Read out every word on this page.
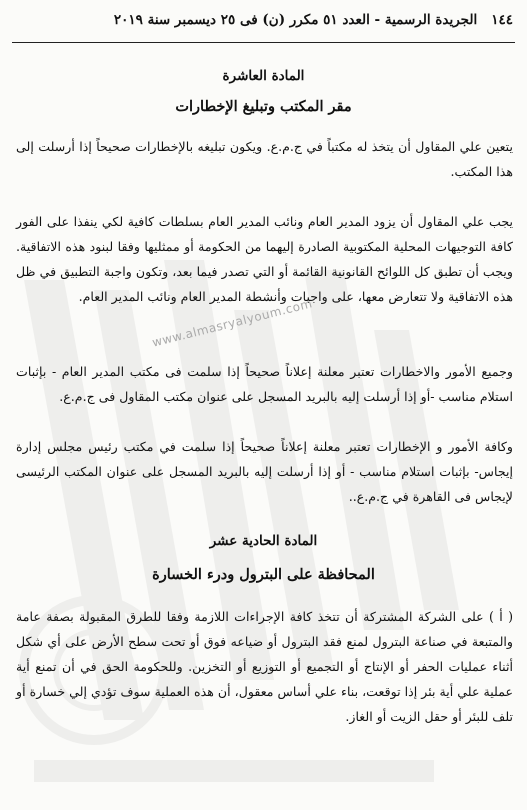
١٤٤
الجريدة الرسمية - العدد ٥١ مكرر (ن) فى ٢٥ ديسمبر سنة ٢٠١٩
www.almasryalyoum.com
المادة العاشرة
مقر المكتب وتبليغ الإخطارات

يتعين علي المقاول أن يتخذ له مكتباً في ج.م.ع. ويكون تبليغه بالإخطارات صحيحاً إذا أرسلت إلى هذا المكتب.

يجب علي المقاول أن يزود المدير العام ونائب المدير العام بسلطات كافية لكي ينفذا على الفور كافة التوجيهات المحلية المكتوبية الصادرة إليهما من الحكومة أو ممثليها وفقا لبنود هذه الاتفاقية. ويجب أن تطبق كل اللوائح القانونية القائمة أو التي تصدر فيما بعد، وتكون واجبة التطبيق في ظل هذه الاتفاقية ولا تتعارض معها، على واجبات وأنشطة المدير العام ونائب المدير العام.

وجميع الأمور والاخطارات تعتبر معلنة إعلاناً صحيحاً إذا سلمت فى مكتب المدير العام - بإثبات استلام مناسب -أو إذا أرسلت إليه بالبريد المسجل على عنوان مكتب المقاول فى ج.م.ع.

وكافة الأمور و الإخطارات تعتبر معلنة إعلاناً صحيحاً إذا سلمت في مكتب رئيس مجلس إدارة إيجاس- بإثبات استلام مناسب - أو إذا أرسلت إليه بالبريد المسجل على عنوان المكتب الرئيسى لإيجاس فى القاهرة في ج.م.ع..

المادة الحادية عشر
المحافظة على البترول ودرء الخسارة

( أ ) على الشركة المشتركة أن تتخذ كافة الإجراءات اللازمة وفقا للطرق المقبولة بصفة عامة والمتبعة في صناعة البترول لمنع فقد البترول أو ضياعه فوق أو تحت سطح الأرض على أي شكل أثناء عمليات الحفر أو الإنتاج أو التجميع أو التوزيع أو التخزين. وللحكومة الحق في أن تمنع أية عملية علي أية بئر إذا توقعت، بناء علي أساس معقول، أن هذه العملية سوف تؤدي إلي خسارة أو تلف للبئر أو حقل الزيت أو الغاز.
